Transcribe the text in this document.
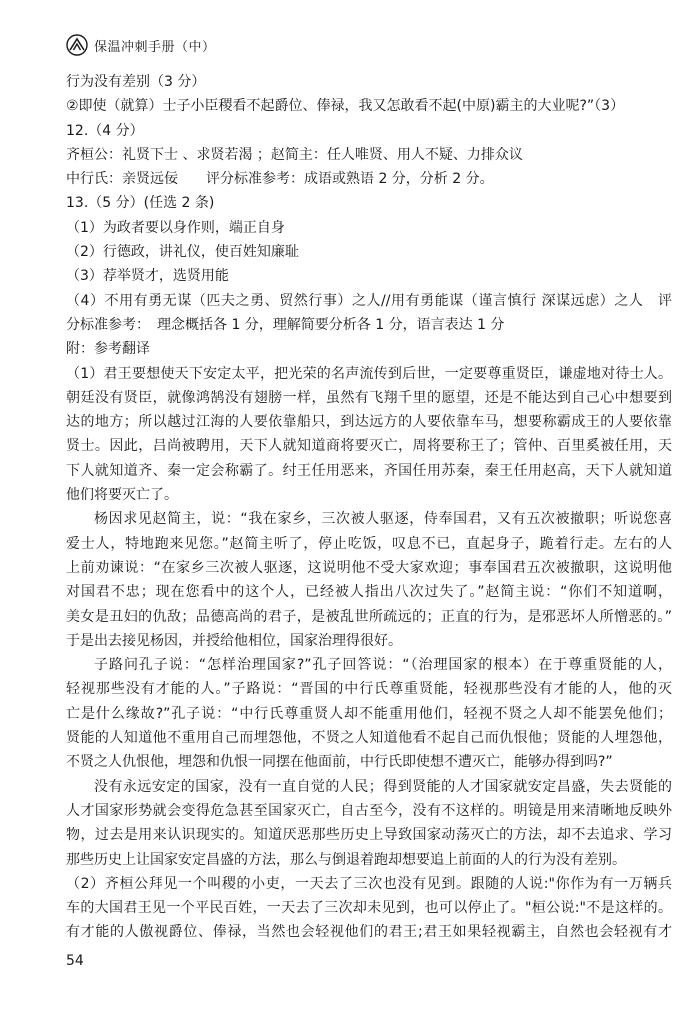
保温冲刺手册（中）
行为没有差别（3 分）
②即使（就算）士子小臣稷看不起爵位、俸禄，我又怎敢看不起(中原)霸主的大业呢?”（3）
12.（4 分）
齐桓公：礼贤下士 、求贤若渴 ；赵简主：任人唯贤、用人不疑、力排众议
中行氏：亲贤远佞　　评分标准参考：成语或熟语 2 分，分析 2 分。
13.（5 分）(任选 2 条)
（1）为政者要以身作则，端正自身
（2）行德政，讲礼仪，使百姓知廉耻
（3）荐举贤才，选贤用能
（4）不用有勇无谋（匹夫之勇、贸然行事）之人//用有勇能谋（谨言慎行 深谋远虑）之人　评
分标准参考：　理念概括各 1 分，理解简要分析各 1 分，语言表达 1 分
附：参考翻译
（1）君王要想使天下安定太平，把光荣的名声流传到后世，一定要尊重贤臣，谦虚地对待士人。
朝廷没有贤臣，就像鸿鹄没有翅膀一样，虽然有飞翔千里的愿望，还是不能达到自己心中想要到
达的地方；所以越过江海的人要依靠船只，到达远方的人要依靠车马，想要称霸成王的人要依靠
贤士。因此，吕尚被聘用，天下人就知道商将要灭亡，周将要称王了；管仲、百里奚被任用，天
下人就知道齐、秦一定会称霸了。纣王任用恶来，齐国任用苏秦，秦王任用赵高，天下人就知道
他们将要灭亡了。
杨因求见赵简主，说：“我在家乡，三次被人驱逐，侍奉国君，又有五次被撤职；听说您喜
爱士人，特地跑来见您。”赵简主听了，停止吃饭，叹息不已，直起身子，跪着行走。左右的人
上前劝谏说：“在家乡三次被人驱逐，这说明他不受大家欢迎；事奉国君五次被撤职，这说明他
对国君不忠；现在您看中的这个人，已经被人指出八次过失了。”赵简主说：“你们不知道啊，
美女是丑妇的仇敌；品德高尚的君子，是被乱世所疏远的；正直的行为，是邪恶坏人所憎恶的。”
于是出去接见杨因，并授给他相位，国家治理得很好。
子路问孔子说：“怎样治理国家?”孔子回答说：“（治理国家的根本）在于尊重贤能的人，
轻视那些没有才能的人。”子路说：“晋国的中行氏尊重贤能，轻视那些没有才能的人，他的灭
亡是什么缘故?”孔子说：“中行氏尊重贤人却不能重用他们，轻视不贤之人却不能罢免他们；
贤能的人知道他不重用自己而埋怨他，不贤之人知道他看不起自己而仇恨他；贤能的人埋怨他，
不贤之人仇恨他，埋怨和仇恨一同摆在他面前，中行氏即使想不遭灭亡，能够办得到吗?”
没有永远安定的国家，没有一直自觉的人民；得到贤能的人才国家就安定昌盛，失去贤能的
人才国家形势就会变得危急甚至国家灭亡，自古至今，没有不这样的。明镜是用来清晰地反映外
物，过去是用来认识现实的。知道厌恶那些历史上导致国家动荡灭亡的方法，却不去追求、学习
那些历史上让国家安定昌盛的方法，那么与倒退着跑却想要追上前面的人的行为没有差别。
（2）齐桓公拜见一个叫稷的小吏，一天去了三次也没有见到。跟随的人说:"你作为有一万辆兵
车的大国君王见一个平民百姓，一天去了三次却未见到，也可以停止了。"桓公说:"不是这样的。
有才能的人傲视爵位、俸禄，当然也会轻视他们的君王;君王如果轻视霸主，自然也会轻视有才
54
